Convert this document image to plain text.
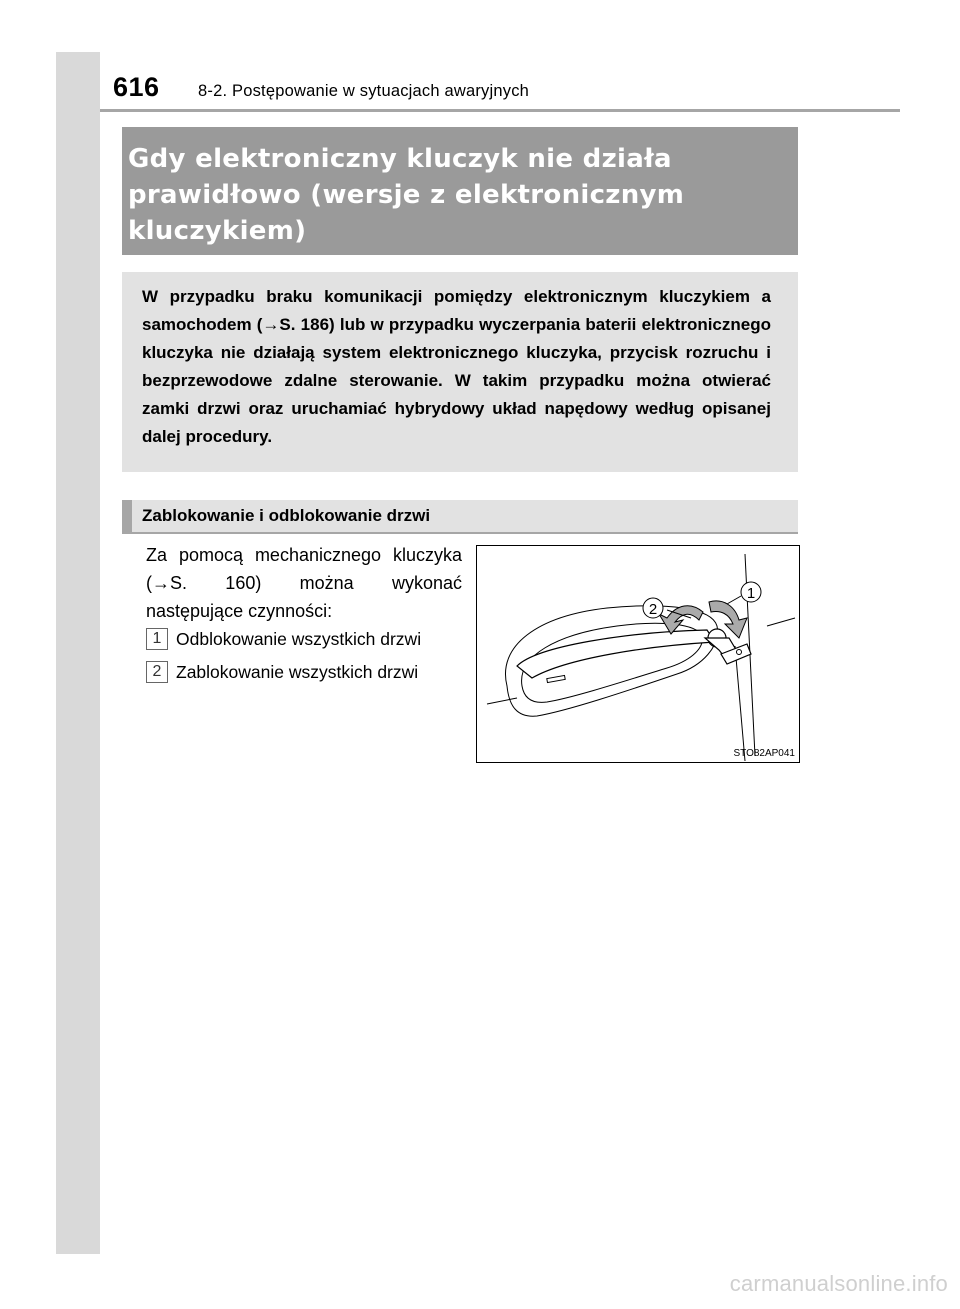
616 8-2. Postępowanie w sytuacjach awaryjnych

Gdy elektroniczny kluczyk nie działa

prawidłowo (wersje z elektronicznym

kluczykiem)

W przypadku braku komunikacji pomiędzy elektronicznym kluczykiem a samochodem (→S. 186) lub w przypadku wyczerpania baterii elektronicznego kluczyka nie działają system elektronicznego kluczyka, przycisk rozruchu i bezprzewodowe zdalne sterowanie. W takim przypadku można otwierać zamki drzwi oraz uruchamiać hybrydowy układ napędowy według opisanej dalej procedury.

Zablokowanie i odblokowanie drzwi

Za pomocą mechanicznego kluczyka (→S. 160) można wykonać następujące czynności:

1 Odblokowanie wszystkich drzwi
2 Zablokowanie wszystkich drzwi
2
1
STO82AP041
carmanualsonline.info
